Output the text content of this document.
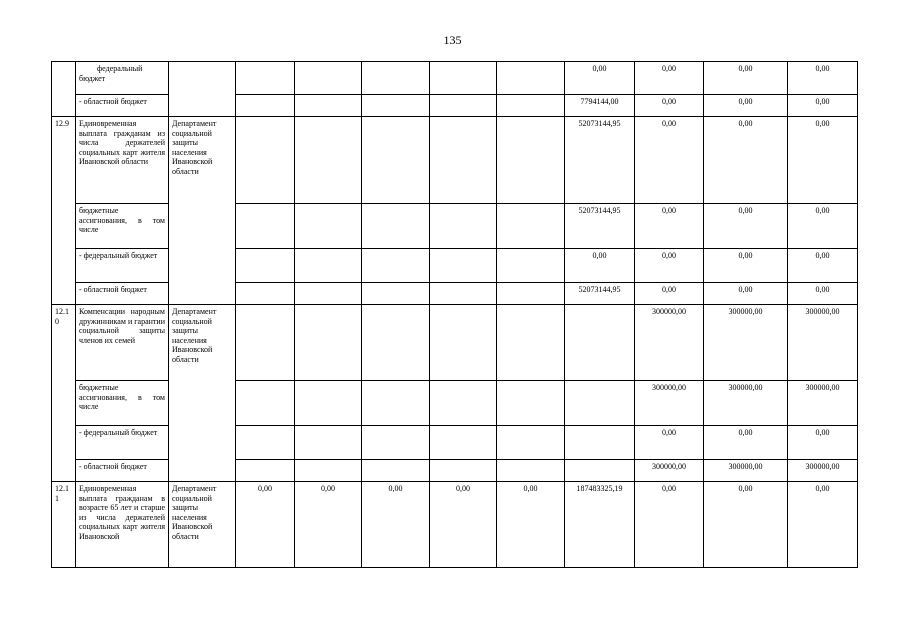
135
	федеральный бюджет							0,00	0,00	0,00	0,00	
	- областной бюджет							7794144,00	0,00	0,00	0,00	
12.9	Единовременная выплата гражданам из числа держателей социальных карт жителя Ивановской области	Департамент социальной защиты населения Ивановской области						52073144,95	0,00	0,00	0,00	
	бюджетные ассигнования, в том числе							52073144,95	0,00	0,00	0,00	
	- федеральный бюджет							0,00	0,00	0,00	0,00	
	- областной бюджет							52073144,95	0,00	0,00	0,00	
12.1 0	Компенсации народным дружинникам и гарантии социальной защиты членов их семей	Департамент социальной защиты населения Ивановской области							300000,00	300000,00	300000,00	
	бюджетные ассигнования, в том числе								300000,00	300000,00	300000,00	
	- федеральный бюджет								0,00	0,00	0,00	
	- областной бюджет								300000,00	300000,00	300000,00	
12.1 1	Единовременная выплата гражданам в возрасте 65 лет и старше из числа держателей социальных карт жителя Ивановской	Департамент социальной защиты населения Ивановской области	0,00	0,00	0,00	0,00	0,00	187483325,19	0,00	0,00	0,00	
